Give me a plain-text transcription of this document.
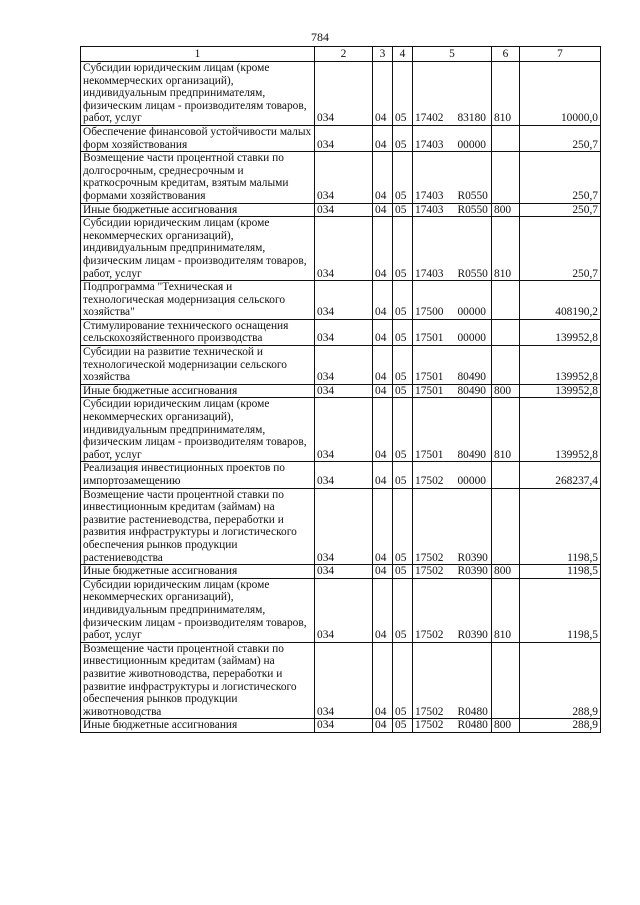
784
1	2	3	4	5	6	7
Субсидии юридическим лицам (кроме некоммерческих организаций), индивидуальным предпринимателям, физическим лицам - производителям товаров, работ, услуг	034	04	05	17402 83180	810	10000,0
Обеспечение финансовой устойчивости малых форм хозяйствования	034	04	05	17403 00000		250,7
Возмещение части процентной ставки по долгосрочным, среднесрочным и краткосрочным кредитам, взятым малыми формами хозяйствования	034	04	05	17403 R0550		250,7
Иные бюджетные ассигнования	034	04	05	17403 R0550	800	250,7
Субсидии юридическим лицам (кроме некоммерческих организаций), индивидуальным предпринимателям, физическим лицам - производителям товаров, работ, услуг	034	04	05	17403 R0550	810	250,7
Подпрограмма "Техническая и технологическая модернизация сельского хозяйства"	034	04	05	17500 00000		408190,2
Стимулирование технического оснащения сельскохозяйственного производства	034	04	05	17501 00000		139952,8
Субсидии на развитие технической и технологической модернизации сельского хозяйства	034	04	05	17501 80490		139952,8
Иные бюджетные ассигнования	034	04	05	17501 80490	800	139952,8
Субсидии юридическим лицам (кроме некоммерческих организаций), индивидуальным предпринимателям, физическим лицам - производителям товаров, работ, услуг	034	04	05	17501 80490	810	139952,8
Реализация инвестиционных проектов по импортозамещению	034	04	05	17502 00000		268237,4
Возмещение части процентной ставки по инвестиционным кредитам (займам) на развитие растениеводства, переработки и развития инфраструктуры и логистического обеспечения рынков продукции растениеводства	034	04	05	17502 R0390		1198,5
Иные бюджетные ассигнования	034	04	05	17502 R0390	800	1198,5
Субсидии юридическим лицам (кроме некоммерческих организаций), индивидуальным предпринимателям, физическим лицам - производителям товаров, работ, услуг	034	04	05	17502 R0390	810	1198,5
Возмещение части процентной ставки по инвестиционным кредитам (займам) на развитие животноводства, переработки и развитие инфраструктуры и логистического обеспечения рынков продукции животноводства	034	04	05	17502 R0480		288,9
Иные бюджетные ассигнования	034	04	05	17502 R0480	800	288,9
